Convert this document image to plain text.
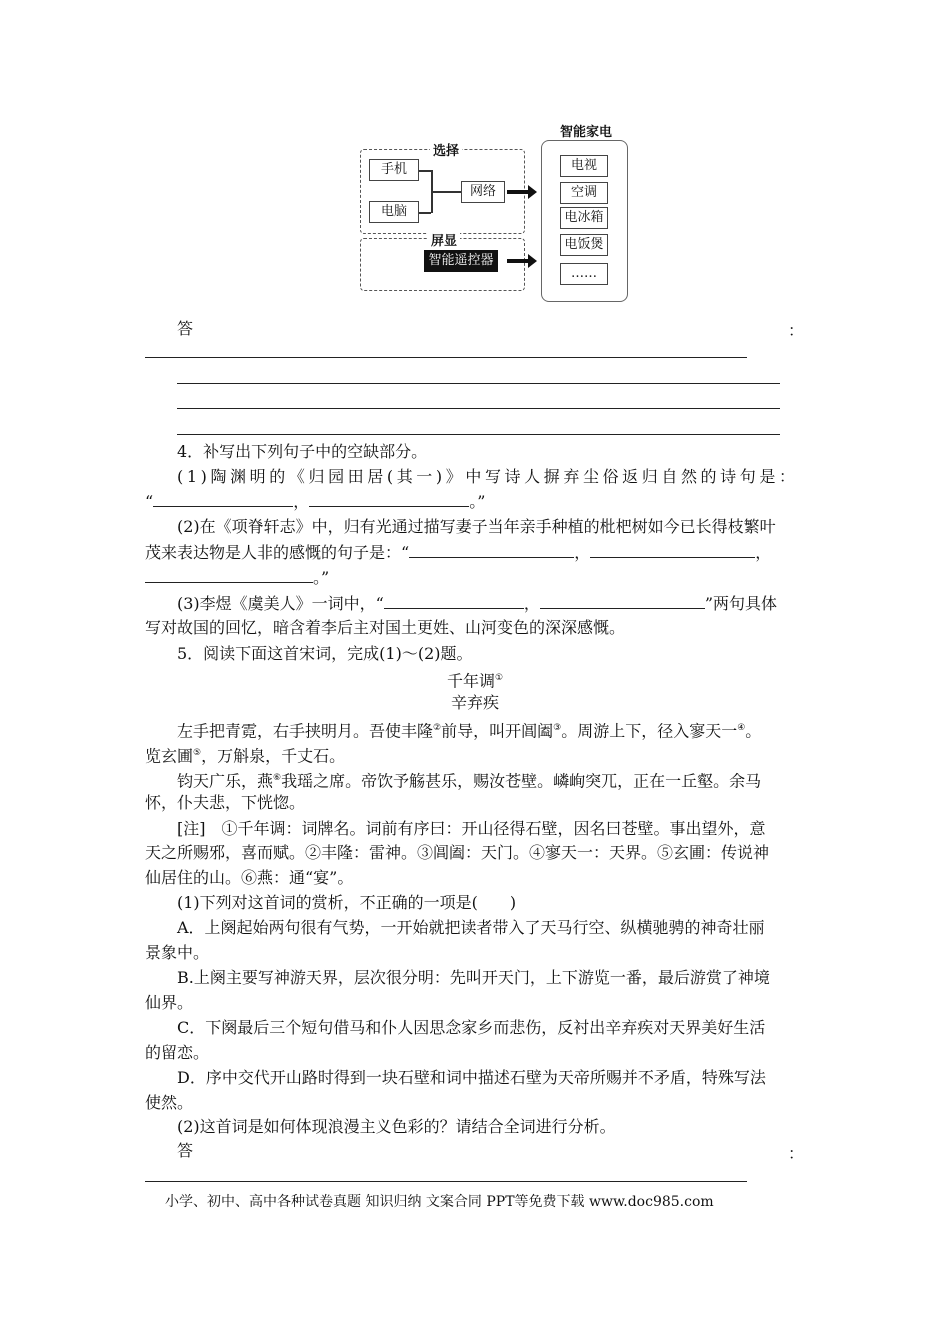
选择
手机
电脑
网络
屏显
智能遥控器
智能家电
电视
空调
电冰箱
电饭煲
……
答	：
4．补写出下列句子中的空缺部分。
(1)陶渊明的《归园田居(其一)》中写诗人摒弃尘俗返归自然的诗句是：
“	，	。”
(2)在《项脊轩志》中，归有光通过描写妻子当年亲手种植的枇杷树如今已长得枝繁叶
茂来表达物是人非的感慨的句子是：“	，	，
。”
(3)李煜《虞美人》一词中，“	，	”两句具体
写对故国的回忆，暗含着李后主对国土更姓、山河变色的深深感慨。
5．阅读下面这首宋词，完成(1)～(2)题。
千年调①
辛弃疾
左手把青霓，右手挟明月。吾使丰隆②前导，叫开阊阖③。周游上下，径入寥天一④。
览玄圃⑤，万斛泉，千丈石。
钧天广乐，燕⑥我瑶之席。帝饮予觞甚乐，赐汝苍壁。嶙峋突兀，正在一丘壑。余马
怀，仆夫悲，下恍惚。
[注]　①千年调：词牌名。词前有序曰：开山径得石壁，因名曰苍壁。事出望外，意
天之所赐邪，喜而赋。②丰隆：雷神。③阊阖：天门。④寥天一：天界。⑤玄圃：传说神
仙居住的山。⑥燕：通“宴”。
(1)下列对这首词的赏析，不正确的一项是(　　)
A．上阕起始两句很有气势，一开始就把读者带入了天马行空、纵横驰骋的神奇壮丽
景象中。
B.上阕主要写神游天界，层次很分明：先叫开天门，上下游览一番，最后游赏了神境
仙界。
C．下阕最后三个短句借马和仆人因思念家乡而悲伤，反衬出辛弃疾对天界美好生活
的留恋。
D．序中交代开山路时得到一块石壁和词中描述石壁为天帝所赐并不矛盾，特殊写法
使然。
(2)这首词是如何体现浪漫主义色彩的？请结合全词进行分析。
答	：
小学、初中、高中各种试卷真题 知识归纳 文案合同 PPT等免费下载 www.doc985.com
